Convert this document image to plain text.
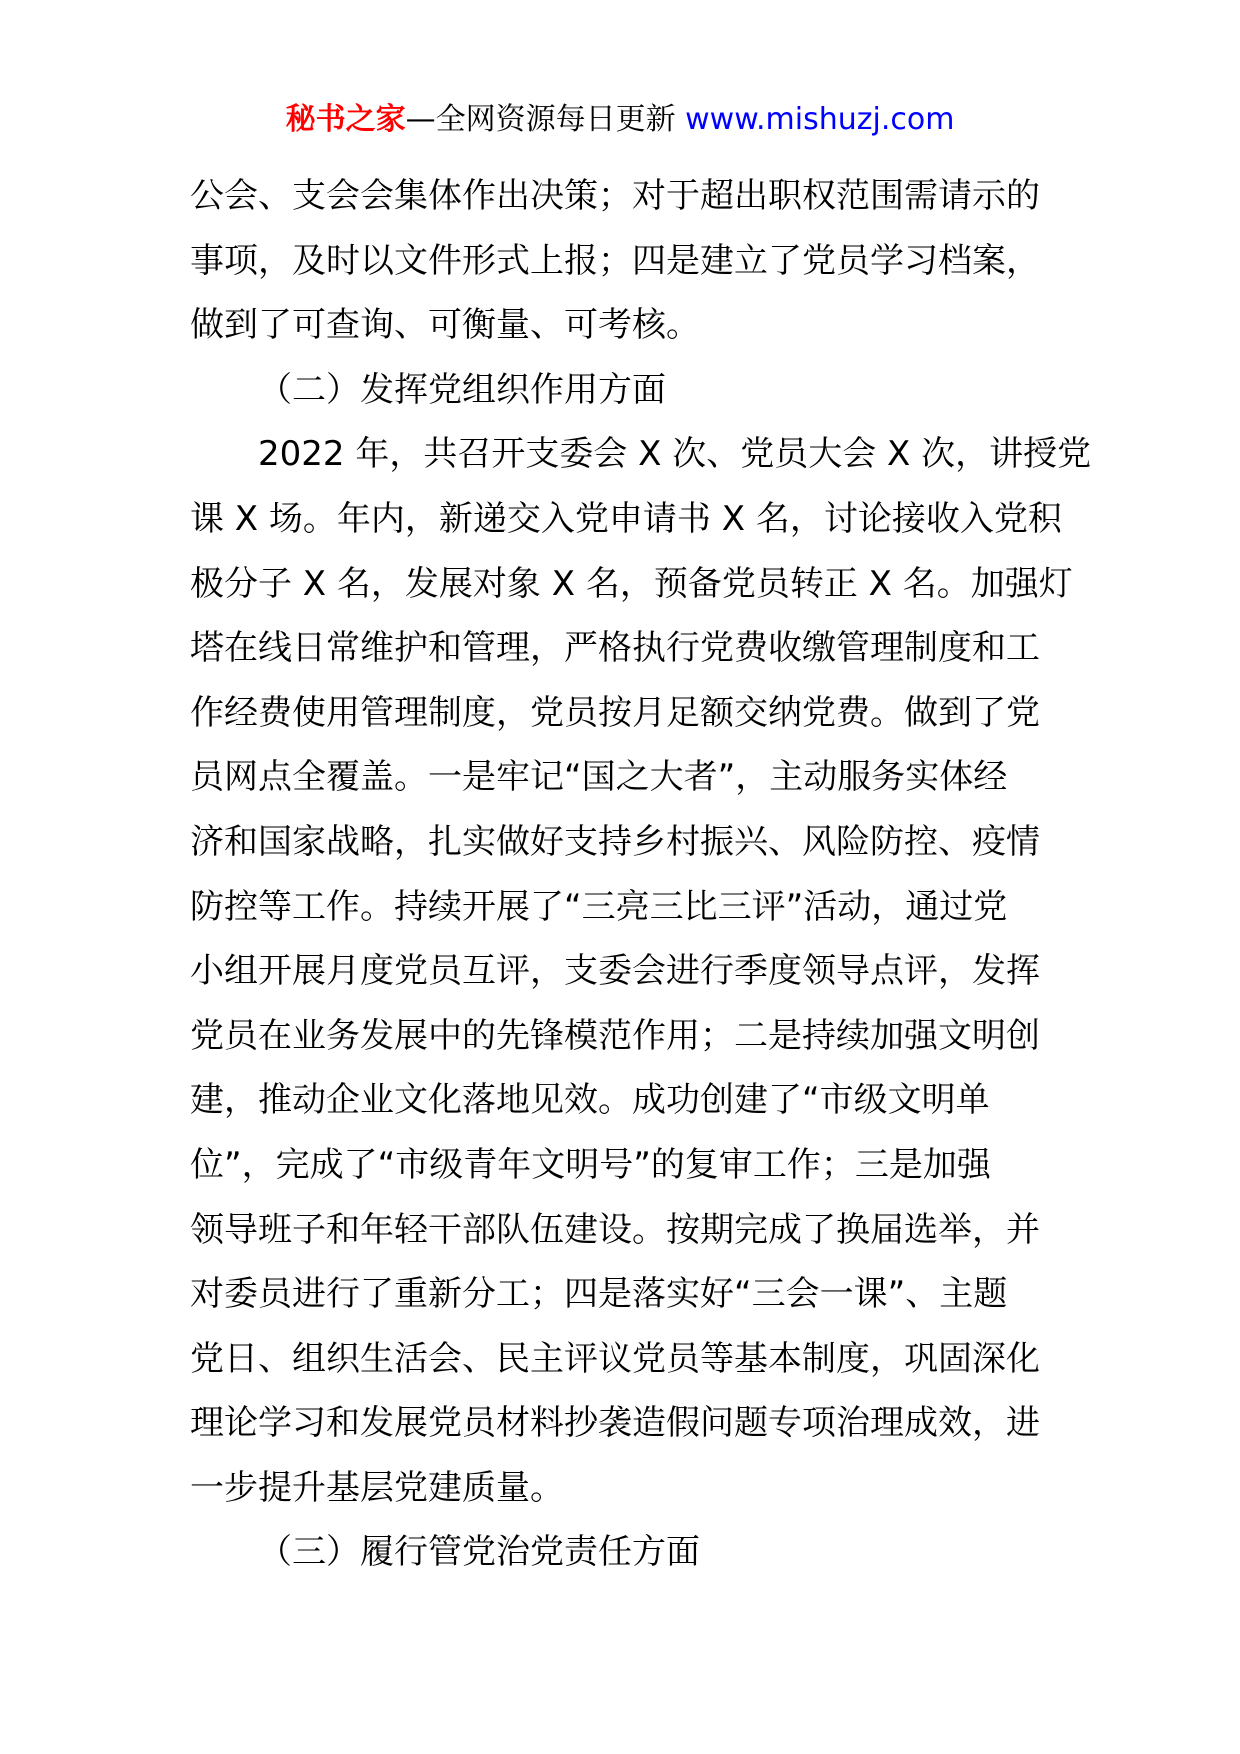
秘书之家—全网资源每日更新 www.mishuzj.com
公会、支会会集体作出决策；对于超出职权范围需请示的
事项，及时以文件形式上报；四是建立了党员学习档案，
做到了可查询、可衡量、可考核。
（二）发挥党组织作用方面
2022 年，共召开支委会 X 次、党员大会 X 次，讲授党
课 X 场。年内，新递交入党申请书 X 名，讨论接收入党积
极分子 X 名，发展对象 X 名，预备党员转正 X 名。加强灯
塔在线日常维护和管理，严格执行党费收缴管理制度和工
作经费使用管理制度，党员按月足额交纳党费。做到了党
员网点全覆盖。一是牢记“国之大者”，主动服务实体经
济和国家战略，扎实做好支持乡村振兴、风险防控、疫情
防控等工作。持续开展了“三亮三比三评”活动，通过党
小组开展月度党员互评，支委会进行季度领导点评，发挥
党员在业务发展中的先锋模范作用；二是持续加强文明创
建，推动企业文化落地见效。成功创建了“市级文明单
位”，完成了“市级青年文明号”的复审工作；三是加强
领导班子和年轻干部队伍建设。按期完成了换届选举，并
对委员进行了重新分工；四是落实好“三会一课”、主题
党日、组织生活会、民主评议党员等基本制度，巩固深化
理论学习和发展党员材料抄袭造假问题专项治理成效，进
一步提升基层党建质量。
（三）履行管党治党责任方面
